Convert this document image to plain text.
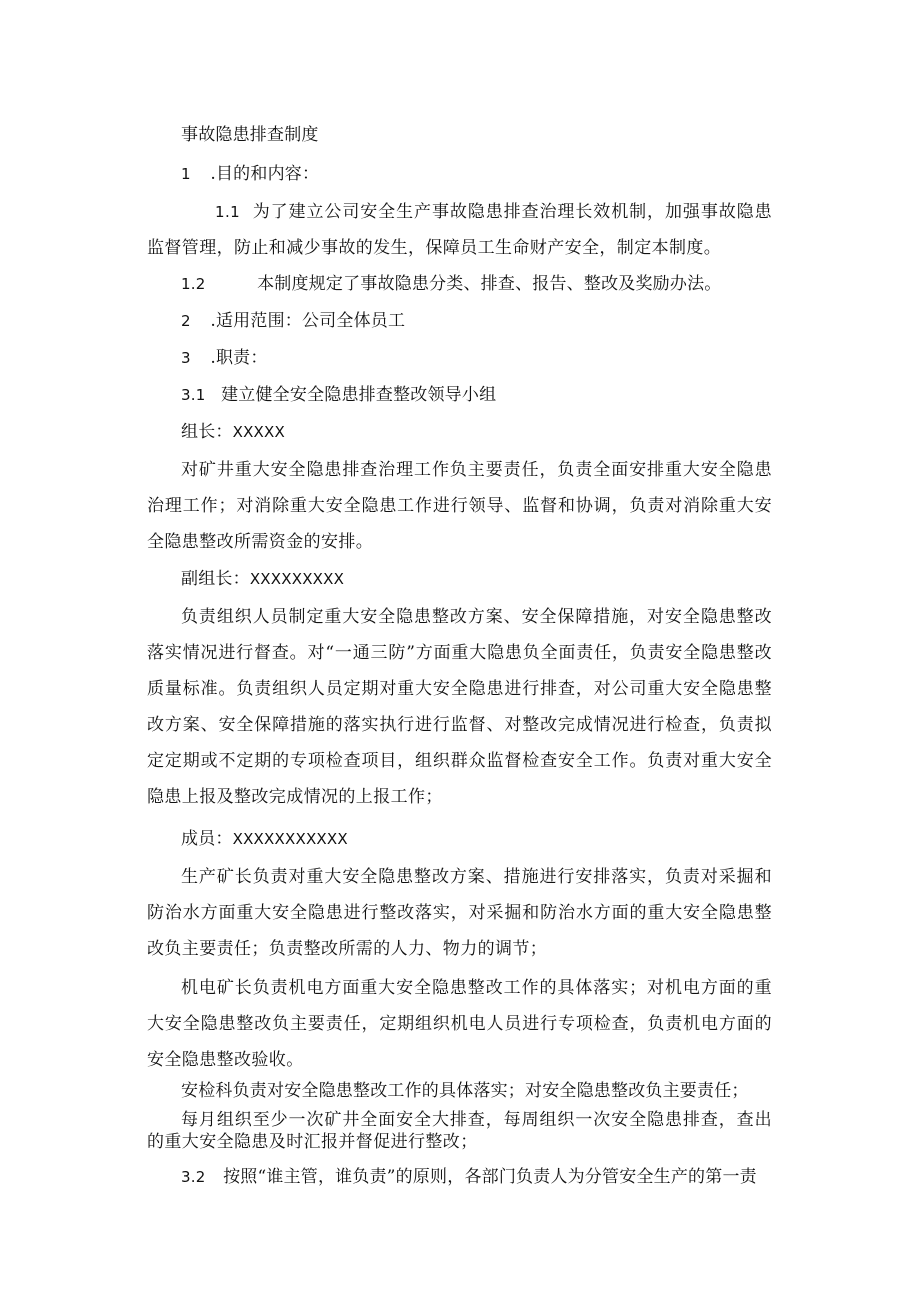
事故隐患排查制度
1 .目的和内容：
1.1 为了建立公司安全生产事故隐患排查治理长效机制，加强事故隐患监督管理，防止和减少事故的发生，保障员工生命财产安全，制定本制度。
1.2	本制度规定了事故隐患分类、排查、报告、整改及奖励办法。
2 .适用范围：公司全体员工
3 .职责：
3.1 建立健全安全隐患排查整改领导小组
组长：XXXXX
对矿井重大安全隐患排查治理工作负主要责任，负责全面安排重大安全隐患治理工作；对消除重大安全隐患工作进行领导、监督和协调，负责对消除重大安全隐患整改所需资金的安排。
副组长：XXXXXXXXX
负责组织人员制定重大安全隐患整改方案、安全保障措施，对安全隐患整改落实情况进行督查。对“一通三防”方面重大隐患负全面责任，负责安全隐患整改质量标准。负责组织人员定期对重大安全隐患进行排查，对公司重大安全隐患整改方案、安全保障措施的落实执行进行监督、对整改完成情况进行检查，负责拟定定期或不定期的专项检查项目，组织群众监督检查安全工作。负责对重大安全隐患上报及整改完成情况的上报工作；
成员：XXXXXXXXXXX
生产矿长负责对重大安全隐患整改方案、措施进行安排落实，负责对采掘和防治水方面重大安全隐患进行整改落实，对采掘和防治水方面的重大安全隐患整改负主要责任；负责整改所需的人力、物力的调节；
机电矿长负责机电方面重大安全隐患整改工作的具体落实；对机电方面的重大安全隐患整改负主要责任，定期组织机电人员进行专项检查，负责机电方面的安全隐患整改验收。
安检科负责对安全隐患整改工作的具体落实；对安全隐患整改负主要责任；
每月组织至少一次矿井全面安全大排查，每周组织一次安全隐患排查，查出的重大安全隐患及时汇报并督促进行整改；
3.2 按照“谁主管，谁负责”的原则，各部门负责人为分管安全生产的第一责
